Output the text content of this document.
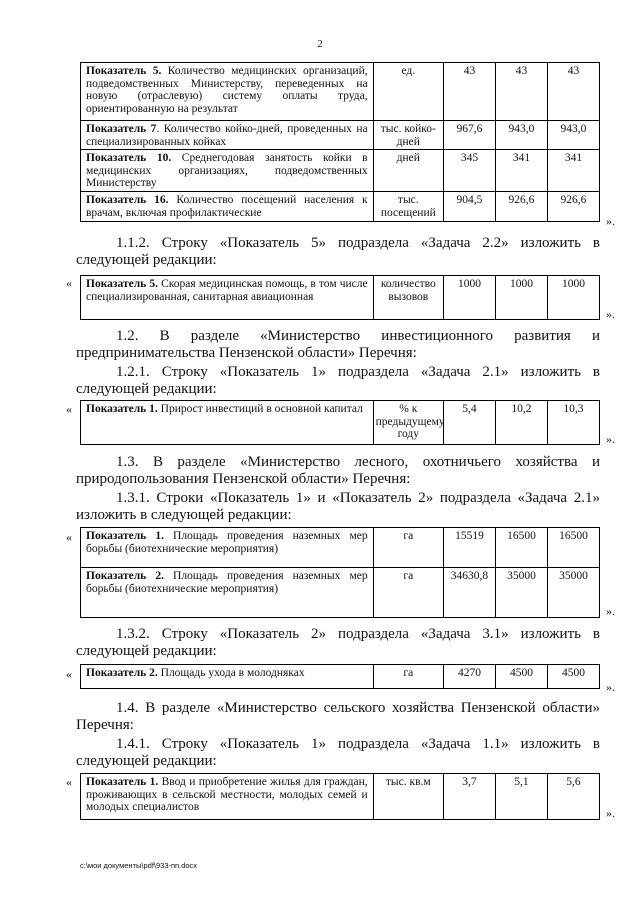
2
Показатель 5. Количество медицинских организаций, подведомственных Министерству, переведенных на новую (отраслевую) систему оплаты труда, ориентированную на результат	ед.	43	43	43
Показатель 7. Количество койко-дней, проведенных на специализированных койках	тыс. койко-дней	967,6	943,0	943,0
Показатель 10. Среднегодовая занятость койки в медицинских организациях, подведомственных Министерству	дней	345	341	341
Показатель 16. Количество посещений населения к врачам, включая профилактические	тыс. посещений	904,5	926,6	926,6
».
1.1.2. Строку «Показатель 5» подраздела «Задача 2.2» изложить в следующей редакции:
« Показатель 5. Скорая медицинская помощь, в том числе специализированная, санитарная авиационная	количество вызовов	1000	1000	1000
».
1.2. В разделе «Министерство инвестиционного развития и предпринимательства Пензенской области» Перечня:
1.2.1. Строку «Показатель 1» подраздела «Задача 2.1» изложить в следующей редакции:
« Показатель 1. Прирост инвестиций в основной капитал	% к предыдущему году	5,4	10,2	10,3
».
1.3. В разделе «Министерство лесного, охотничьего хозяйства и природопользования Пензенской области» Перечня:
1.3.1. Строки «Показатель 1» и «Показатель 2» подраздела «Задача 2.1» изложить в следующей редакции:
« Показатель 1. Площадь проведения наземных мер борьбы (биотехнические мероприятия)	га	15519	16500	16500
Показатель 2. Площадь проведения наземных мер борьбы (биотехнические мероприятия)	га	34630,8	35000	35000
».
1.3.2. Строку «Показатель 2» подраздела «Задача 3.1» изложить в следующей редакции:
« Показатель 2. Площадь ухода в молодняках	га	4270	4500	4500
».
1.4. В разделе «Министерство сельского хозяйства Пензенской области» Перечня:
1.4.1. Строку «Показатель 1» подраздела «Задача 1.1» изложить в следующей редакции:
« Показатель 1. Ввод и приобретение жилья для граждан, проживающих в сельской местности, молодых семей и молодых специалистов	тыс. кв.м	3,7	5,1	5,6
».
c:\мои документы\pdf\933-пп.docx
